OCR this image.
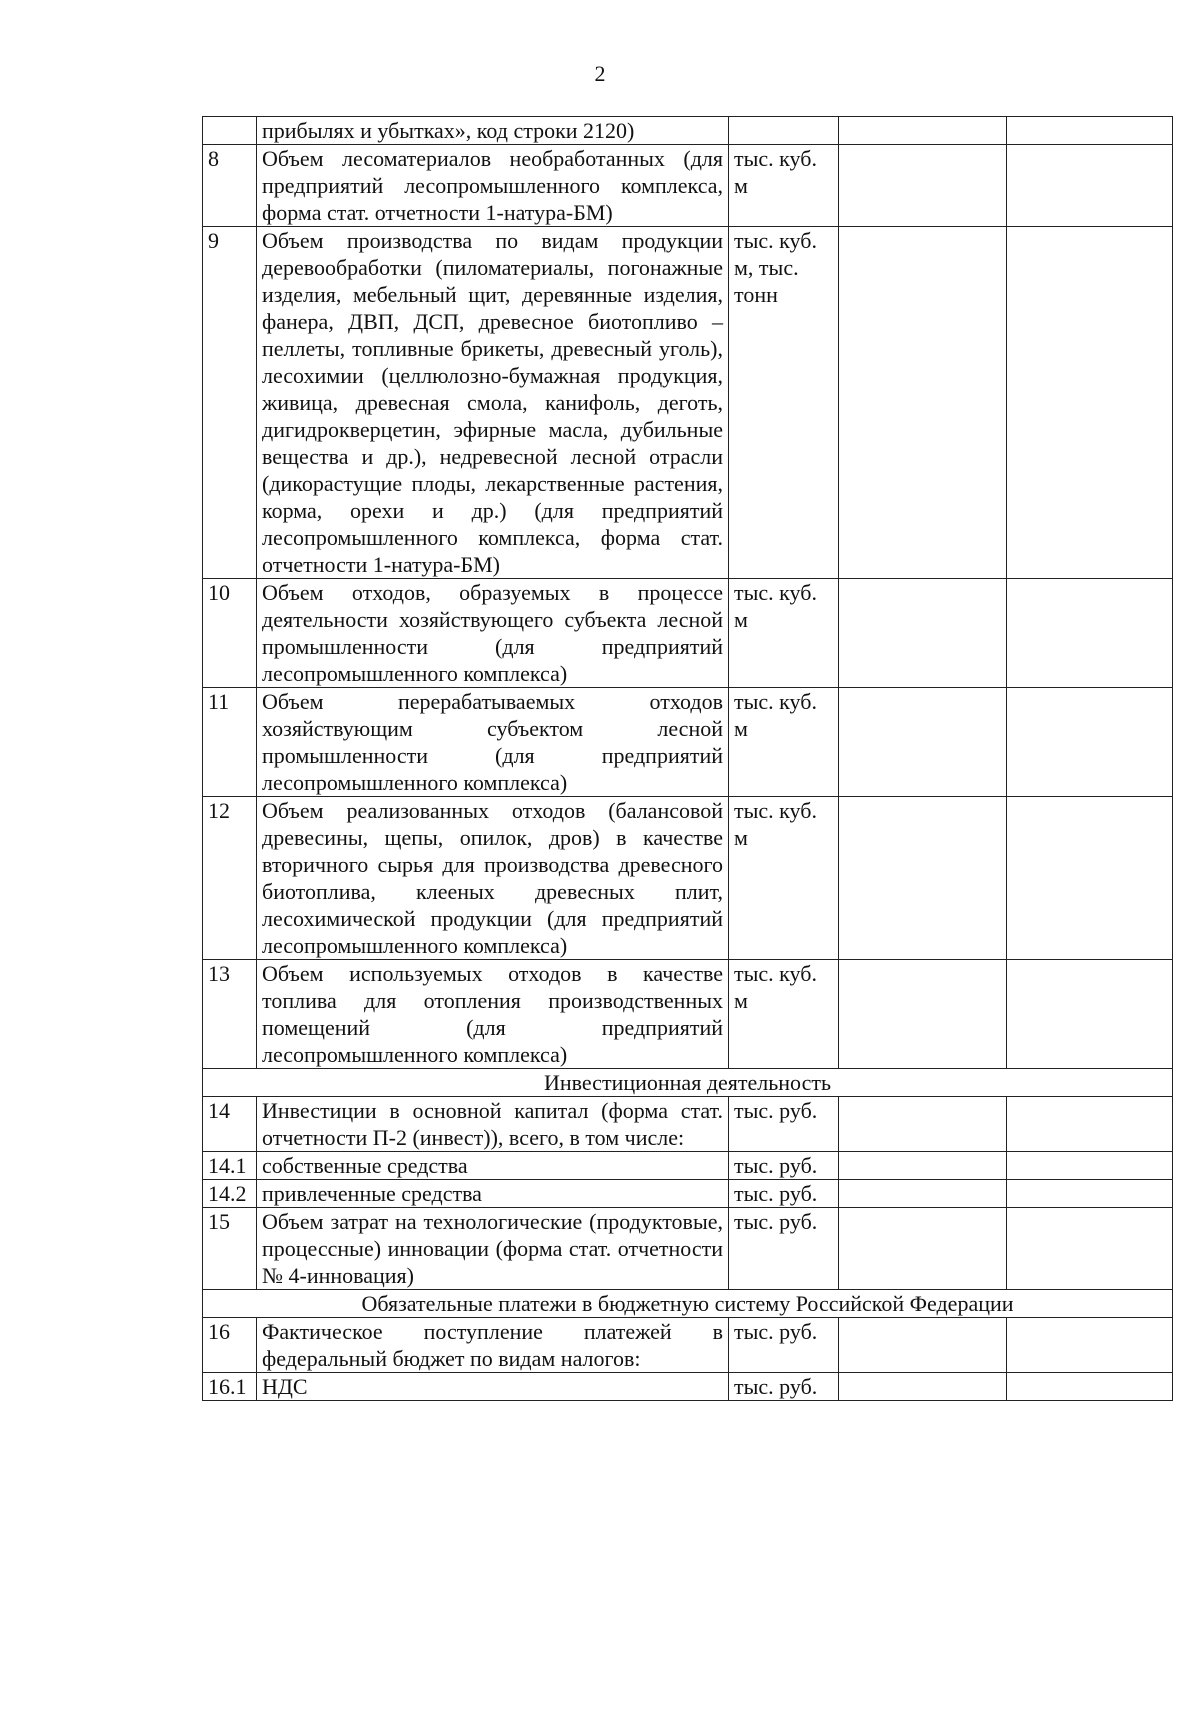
2
	прибылях и убытках», код строки 2120)			
8	Объем лесоматериалов необработанных (для предприятий лесопромышленного комплекса, форма стат. отчетности 1-натура-БМ)	тыс. куб. м		
9	Объем производства по видам продукции деревообработки (пиломатериалы, погонажные изделия, мебельный щит, деревянные изделия, фанера, ДВП, ДСП, древесное биотопливо – пеллеты, топливные брикеты, древесный уголь), лесохимии (целлюлозно-бумажная продукция, живица, древесная смола, канифоль, деготь, дигидрокверцетин, эфирные масла, дубильные вещества и др.), недревесной лесной отрасли (дикорастущие плоды, лекарственные растения, корма, орехи и др.) (для предприятий лесопромышленного комплекса, форма стат. отчетности 1-натура-БМ)	тыс. куб. м, тыс. тонн		
10	Объем отходов, образуемых в процессе деятельности хозяйствующего субъекта лесной промышленности (для предприятий лесопромышленного комплекса)	тыс. куб. м		
11	Объем перерабатываемых отходов хозяйствующим субъектом лесной промышленности (для предприятий лесопромышленного комплекса)	тыс. куб. м		
12	Объем реализованных отходов (балансовой древесины, щепы, опилок, дров) в качестве вторичного сырья для производства древесного биотоплива, клееных древесных плит, лесохимической продукции (для предприятий лесопромышленного комплекса)	тыс. куб. м		
13	Объем используемых отходов в качестве топлива для отопления производственных помещений (для предприятий лесопромышленного комплекса)	тыс. куб. м		
Инвестиционная деятельность				
14	Инвестиции в основной капитал (форма стат. отчетности П-2 (инвест)), всего, в том числе:	тыс. руб.		
14.1	собственные средства	тыс. руб.		
14.2	привлеченные средства	тыс. руб.		
15	Объем затрат на технологические (продуктовые, процессные) инновации (форма стат. отчетности № 4-инновация)	тыс. руб.		
Обязательные платежи в бюджетную систему Российской Федерации				
16	Фактическое поступление платежей в федеральный бюджет по видам налогов:	тыс. руб.		
16.1	НДС	тыс. руб.		
